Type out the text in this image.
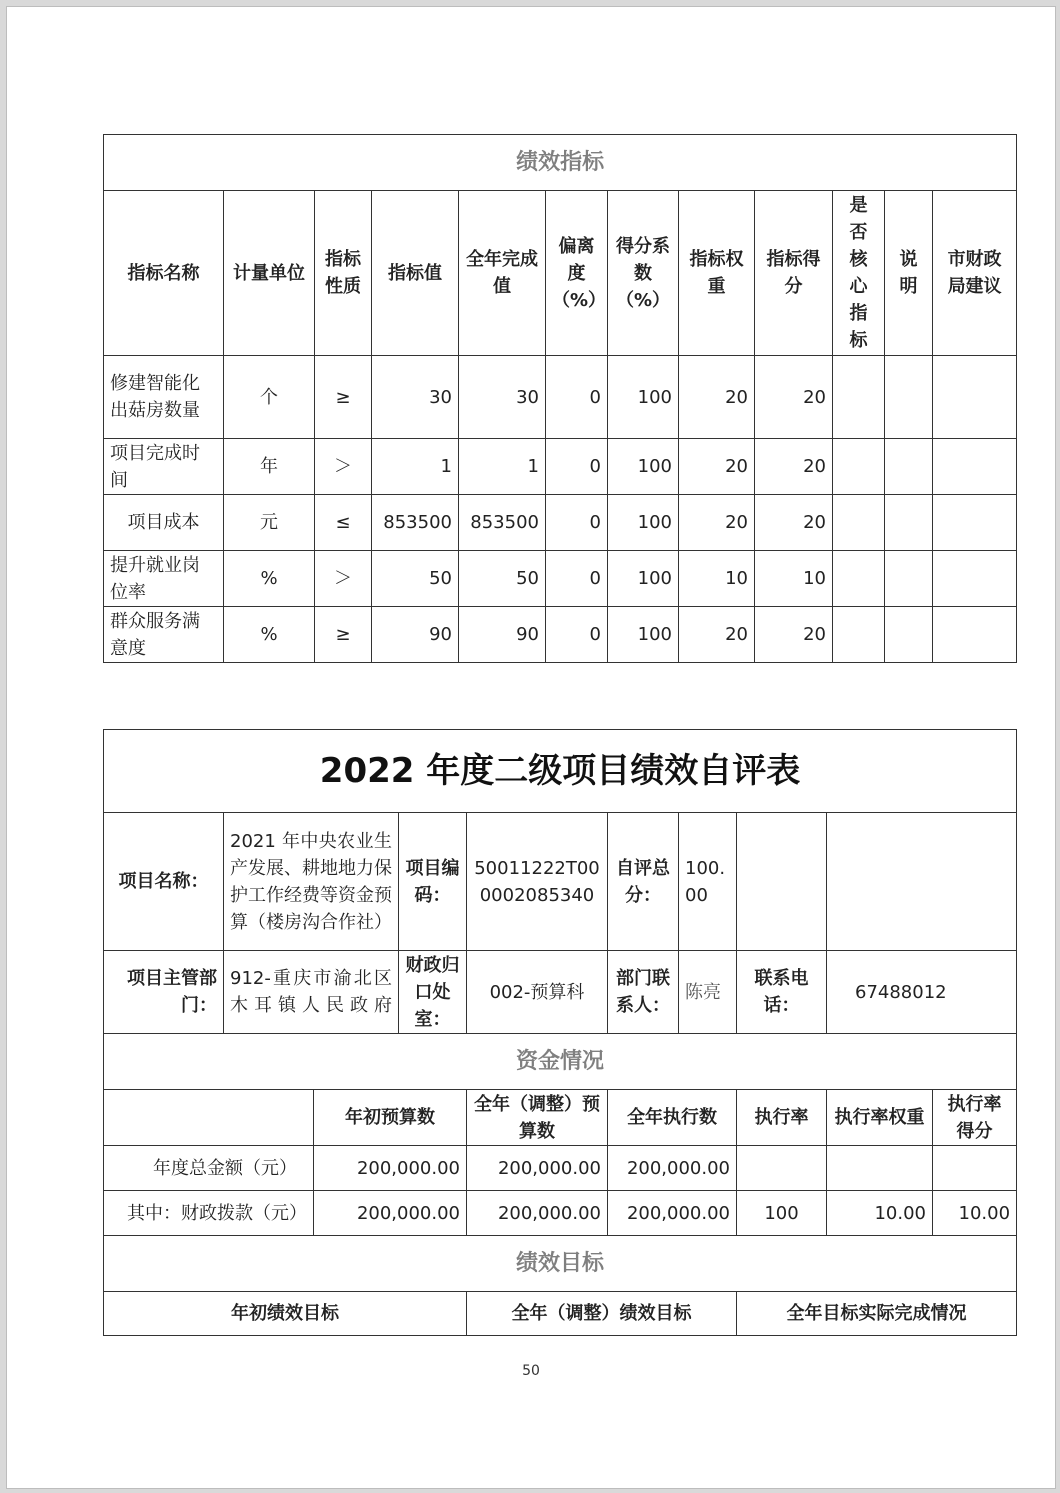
绩效指标											
指标名称	计量单位	指标性质	指标值	全年完成值	偏离度（%）	得分系数（%）	指标权重	指标得分	是否核心指标	说明	市财政局建议
修建智能化出菇房数量	个	≥	30	30	0	100	20	20			
项目完成时间	年	＞	1	1	0	100	20	20			
项目成本	元	≤	853500	853500	0	100	20	20			
提升就业岗位率	%	＞	50	50	0	100	10	10			
群众服务满意度	%	≥	90	90	0	100	20	20			
2022 年度二级项目绩效自评表									
项目名称：	2021 年中央农业生产发展、耕地地力保护工作经费等资金预算（楼房沟合作社）		项目编码：	50011222T000002085340	自评总分：	100.00			
项目主管部门：	912-重庆市渝北区木耳镇人民政府		财政归口处室：	002-预算科	部门联系人：	陈亮	联系电话：	67488012	
资金情况									
		年初预算数		全年（调整）预算数	全年执行数		执行率	执行率权重	执行率得分
年度总金额（元）		200,000.00		200,000.00	200,000.00				
其中：财政拨款（元）		200,000.00		200,000.00	200,000.00		100	10.00	10.00
绩效目标									
年初绩效目标				全年（调整）绩效目标			全年目标实际完成情况		
50
